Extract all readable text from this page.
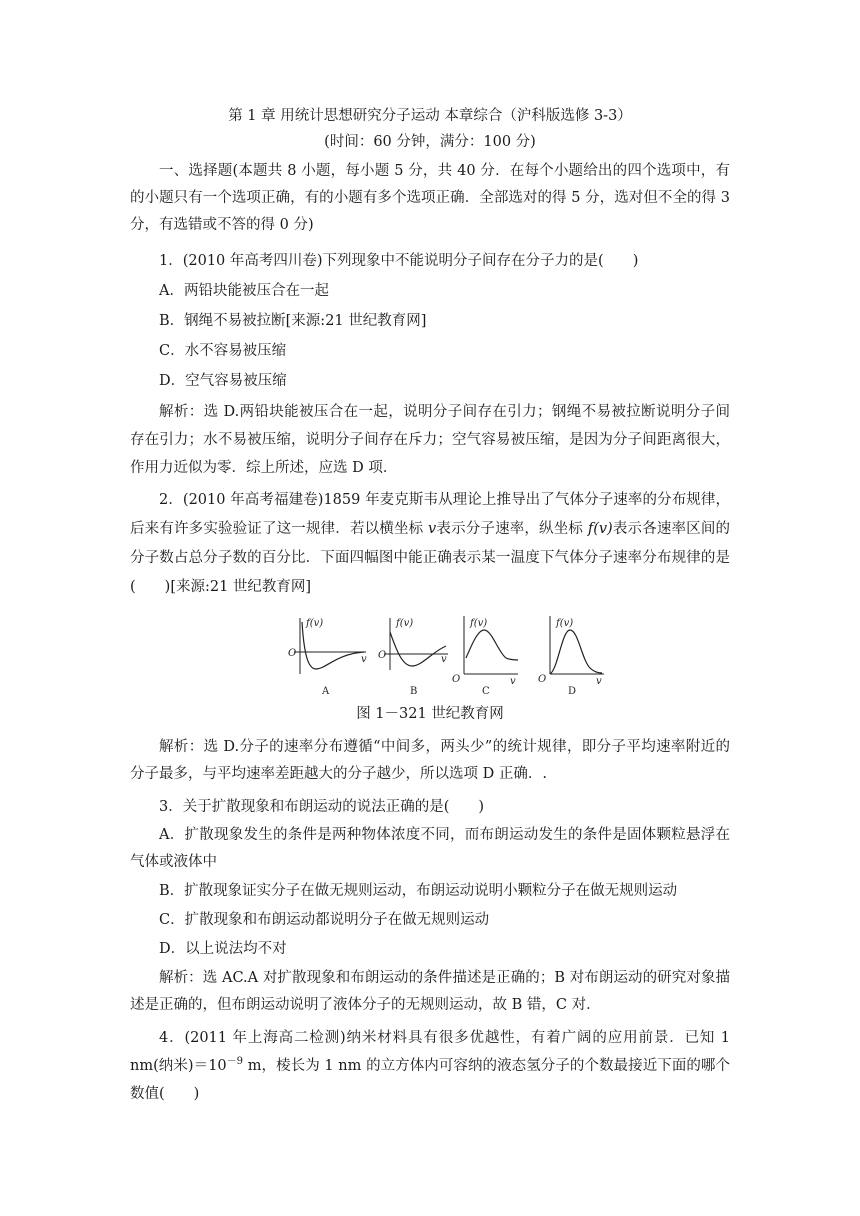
第 1 章 用统计思想研究分子运动 本章综合（沪科版选修 3-3）
(时间：60 分钟，满分：100 分)
一、选择题(本题共 8 小题，每小题 5 分，共 40 分．在每个小题给出的四个选项中，有的小题只有一个选项正确，有的小题有多个选项正确．全部选对的得 5 分，选对但不全的得 3 分，有选错或不答的得 0 分)
1．(2010 年高考四川卷)下列现象中不能说明分子间存在分子力的是(　　)
A．两铅块能被压合在一起
B．钢绳不易被拉断[来源:21 世纪教育网]
C．水不容易被压缩
D．空气容易被压缩
解析：选 D.两铅块能被压合在一起，说明分子间存在引力；钢绳不易被拉断说明分子间存在引力；水不易被压缩，说明分子间存在斥力；空气容易被压缩，是因为分子间距离很大，作用力近似为零．综上所述，应选 D 项．
2．(2010 年高考福建卷)1859 年麦克斯韦从理论上推导出了气体分子速率的分布规律，后来有许多实验验证了这一规律．若以横坐标 v表示分子速率，纵坐标 f(v)表示各速率区间的分子数占总分子数的百分比．下面四幅图中能正确表示某一温度下气体分子速率分布规律的是(　　)[来源:21 世纪教育网]
f(v)
O
v
A
f(v)
O	v
B
f(v)
O	v
C
f(v)
O	v
D
图 1－321 世纪教育网
解析：选 D.分子的速率分布遵循“中间多，两头少”的统计规律，即分子平均速率附近的分子最多，与平均速率差距越大的分子越少，所以选项 D 正确．.
3．关于扩散现象和布朗运动的说法正确的是(　　)
A．扩散现象发生的条件是两种物体浓度不同，而布朗运动发生的条件是固体颗粒悬浮在气体或液体中
B．扩散现象证实分子在做无规则运动，布朗运动说明小颗粒分子在做无规则运动
C．扩散现象和布朗运动都说明分子在做无规则运动
D．以上说法均不对
解析：选 AC.A 对扩散现象和布朗运动的条件描述是正确的；B 对布朗运动的研究对象描述是正确的，但布朗运动说明了液体分子的无规则运动，故 B 错，C 对．
4．(2011 年上海高二检测)纳米材料具有很多优越性，有着广阔的应用前景．已知 1 nm(纳米)$=10^{-9}$ m，棱长为 1 nm 的立方体内可容纳的液态氢分子的个数最接近下面的哪个数值(　　)
